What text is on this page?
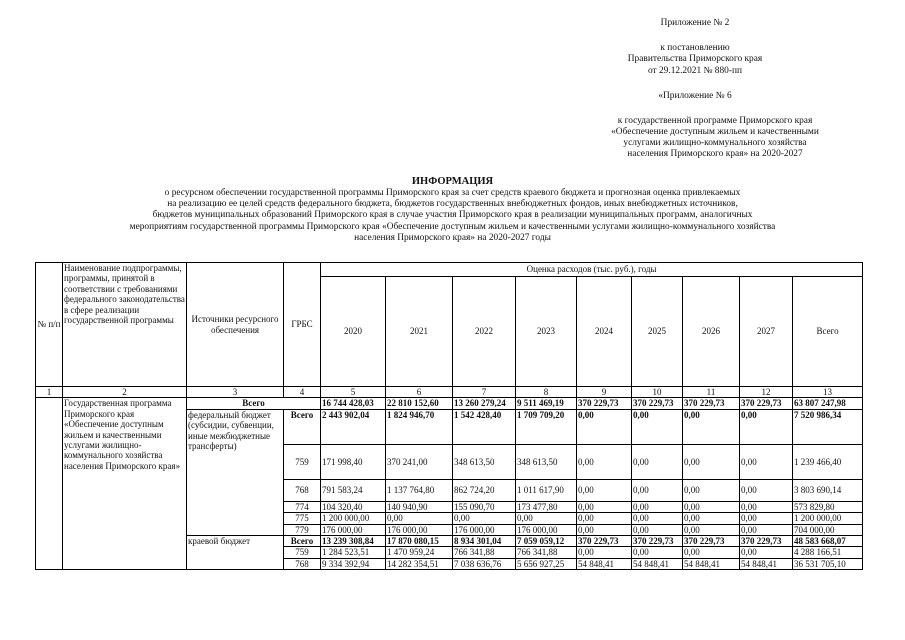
Приложение № 2
к постановлению
Правительства Приморского края
от 29.12.2021 № 880-пп
«Приложение № 6
к государственной программе Приморского края
«Обеспечение доступным жильем и качественными
услугами жилищно-коммунального хозяйства
населения Приморского края» на 2020-2027
ИНФОРМАЦИЯ
о ресурсном обеспечении государственной программы Приморского края за счет средств краевого бюджета и прогнозная оценка привлекаемых
на реализацию ее целей средств федерального бюджета, бюджетов государственных внебюджетных фондов, иных внебюджетных источников,
бюджетов муниципальных образований Приморского края в случае участия Приморского края в реализации муниципальных программ, аналогичных
мероприятиям государственной программы Приморского края «Обеспечение доступным жильем и качественными услугами жилищно-коммунального хозяйства
населения Приморского края» на 2020-2027 годы
№ п/п	Наименование подпрограммы, программы, принятой в соответствии с требованиями федерального законодательства в сфере реализации государственной программы	Источники ресурсного обеспечения	ГРБС	Оценка расходов (тыс. руб.), годы								
				2020	2021	2022	2023	2024	2025	2026	2027	Всего
1	2	3	4	5	6	7	8	9	10	11	12	13
	Государственная программа Приморского края «Обеспечение доступным жильем и качественными услугами жилищно-коммунального хозяйства населения Приморского края»	Всего		16 744 428,03	22 810 152,60	13 260 279,24	9 511 469,19	370 229,73	370 229,73	370 229,73	370 229,73	63 807 247,98
		федеральный бюджет (субсидии, субвенции, иные межбюджетные трансферты)	Всего	2 443 902,04	1 824 946,70	1 542 428,40	1 709 709,20	0,00	0,00	0,00	0,00	7 520 986,34
			759	171 998,40	370 241,00	348 613,50	348 613,50	0,00	0,00	0,00	0,00	1 239 466,40
			768	791 583,24	1 137 764,80	862 724,20	1 011 617,90	0,00	0,00	0,00	0,00	3 803 690,14
			774	104 320,40	140 940,90	155 090,70	173 477,80	0,00	0,00	0,00	0,00	573 829,80
			775	1 200 000,00	0,00	0,00	0,00	0,00	0,00	0,00	0,00	1 200 000,00
			779	176 000,00	176 000,00	176 000,00	176 000,00	0,00	0,00	0,00	0,00	704 000,00
		краевой бюджет	Всего	13 239 308,84	17 870 080,15	8 934 301,04	7 059 059,12	370 229,73	370 229,73	370 229,73	370 229,73	48 583 668,07
			759	1 284 523,51	1 470 959,24	766 341,88	766 341,88	0,00	0,00	0,00	0,00	4 288 166,51
			768	9 334 392,94	14 282 354,51	7 038 636,76	5 656 927,25	54 848,41	54 848,41	54 848,41	54 848,41	36 531 705,10
